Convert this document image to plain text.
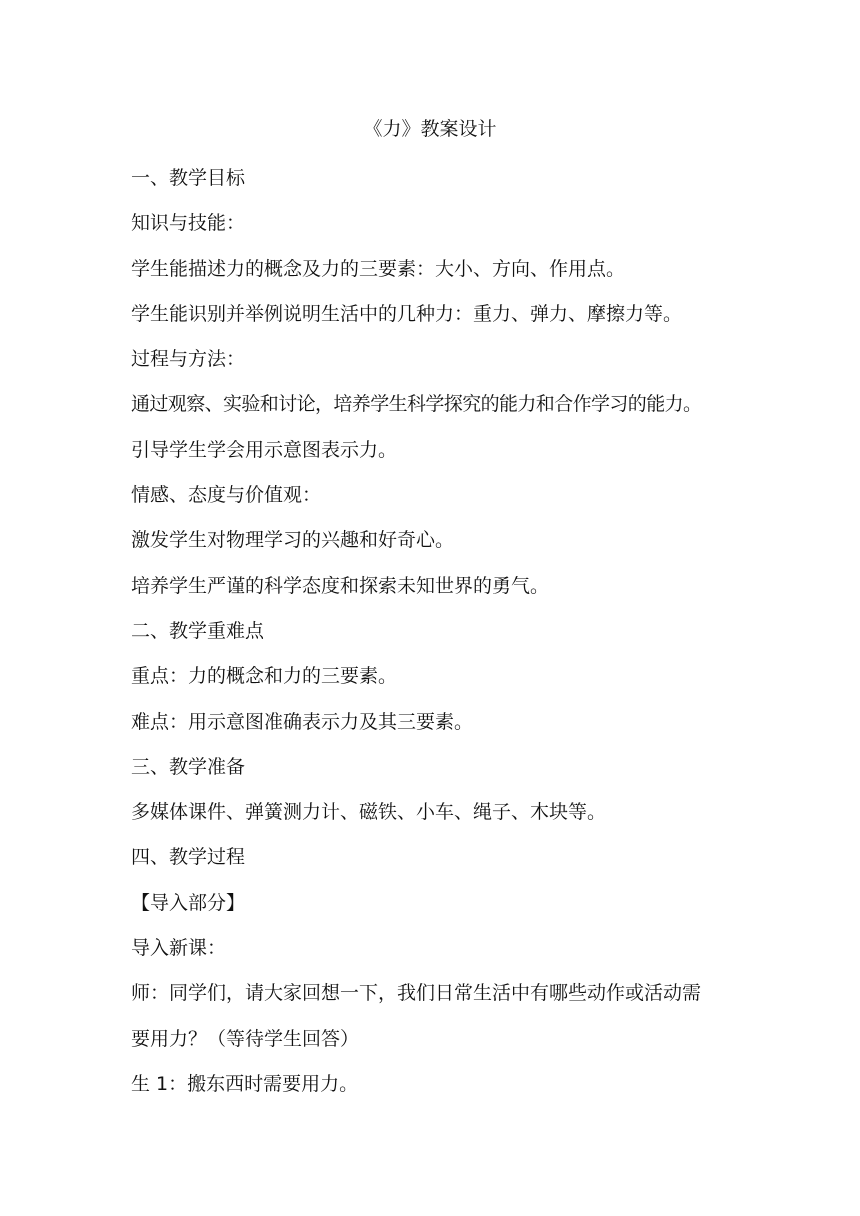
《力》教案设计

一、教学目标

知识与技能：

学生能描述力的概念及力的三要素：大小、方向、作用点。

学生能识别并举例说明生活中的几种力：重力、弹力、摩擦力等。

过程与方法：

通过观察、实验和讨论，培养学生科学探究的能力和合作学习的能力。

引导学生学会用示意图表示力。

情感、态度与价值观：

激发学生对物理学习的兴趣和好奇心。

培养学生严谨的科学态度和探索未知世界的勇气。

二、教学重难点

重点：力的概念和力的三要素。

难点：用示意图准确表示力及其三要素。

三、教学准备

多媒体课件、弹簧测力计、磁铁、小车、绳子、木块等。

四、教学过程

【导入部分】

导入新课：

师：同学们，请大家回想一下，我们日常生活中有哪些动作或活动需

要用力？（等待学生回答）

生 1：搬东西时需要用力。
